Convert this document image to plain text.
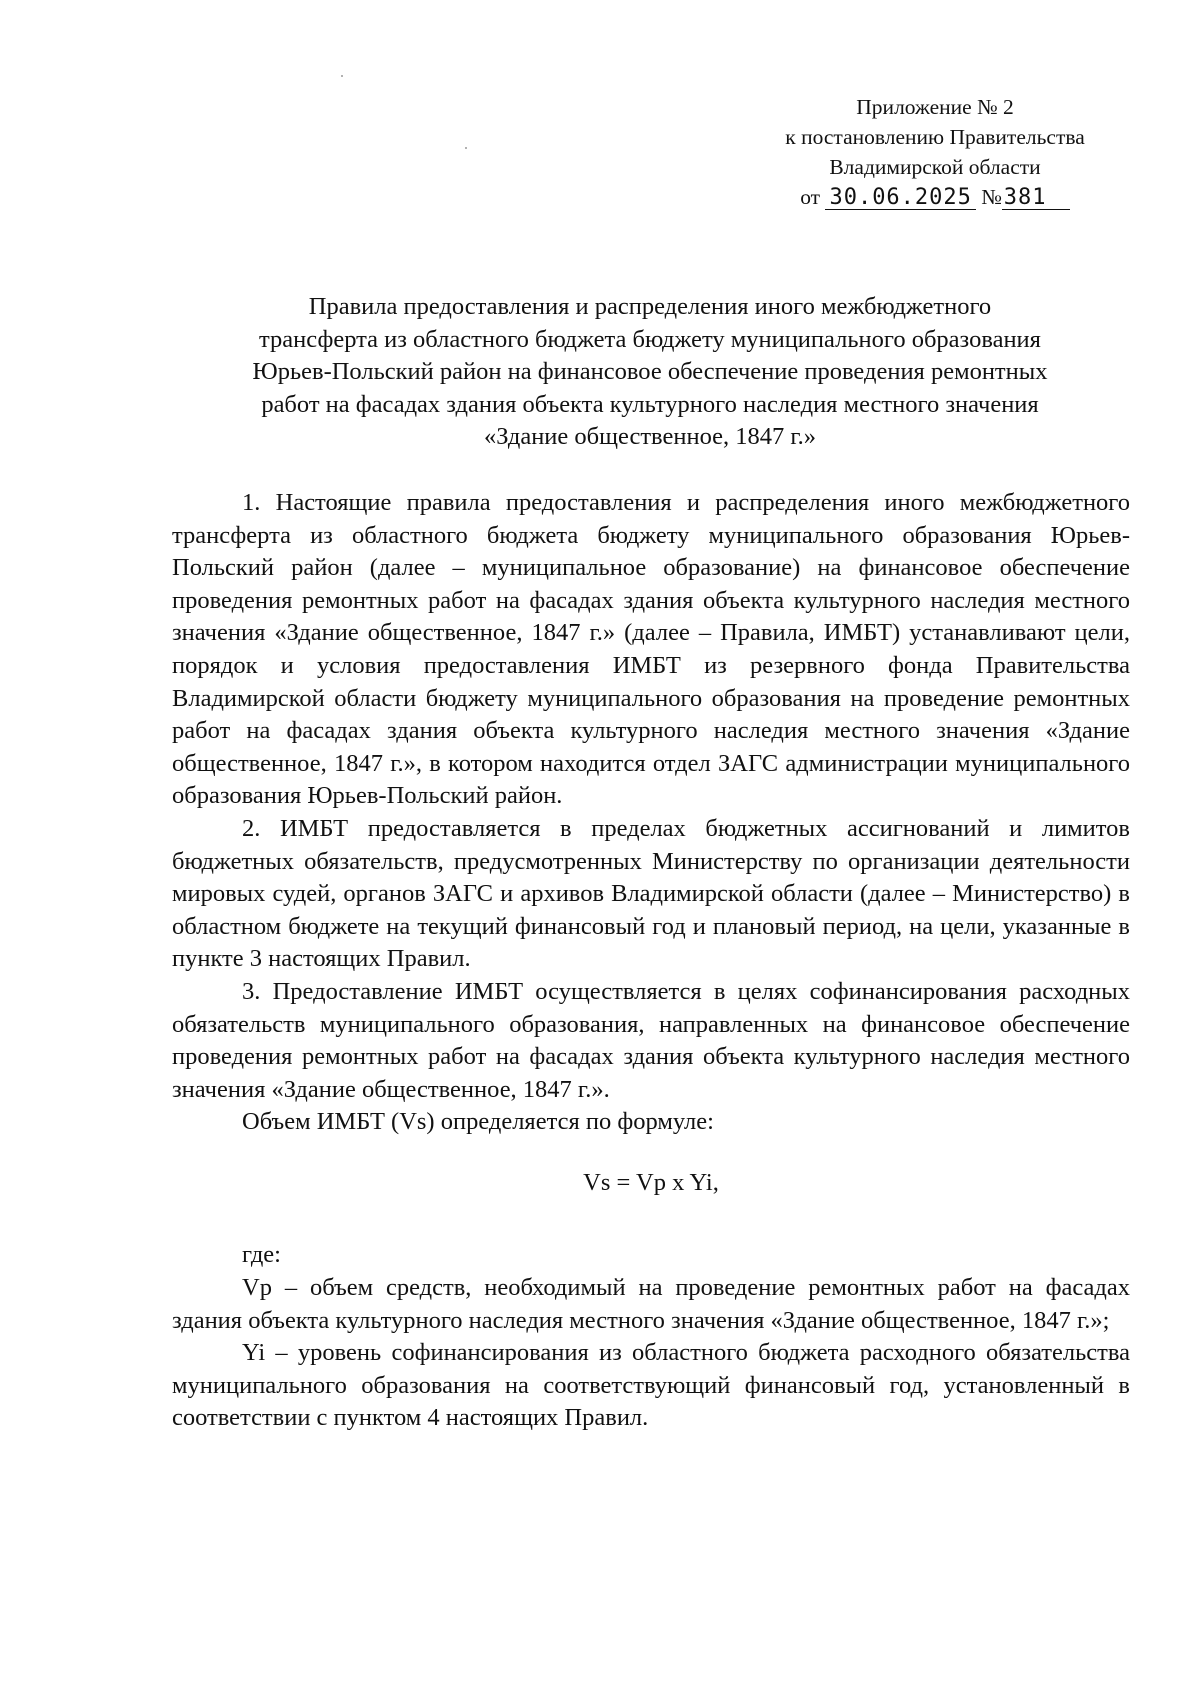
Приложение № 2
к постановлению Правительства
Владимирской области
от 30.06.2025 №381
Правила предоставления и распределения иного межбюджетного
трансферта из областного бюджета бюджету муниципального образования
Юрьев-Польский район на финансовое обеспечение проведения ремонтных
работ на фасадах здания объекта культурного наследия местного значения
«Здание общественное, 1847 г.»

1. Настоящие правила предоставления и распределения иного межбюджетного трансферта из областного бюджета бюджету муниципального образования Юрьев-Польский район (далее – муниципальное образование) на финансовое обеспечение проведения ремонтных работ на фасадах здания объекта культурного наследия местного значения «Здание общественное, 1847 г.» (далее – Правила, ИМБТ) устанавливают цели, порядок и условия предоставления ИМБТ из резервного фонда Правительства Владимирской области бюджету муниципального образования на проведение ремонтных работ на фасадах здания объекта культурного наследия местного значения «Здание общественное, 1847 г.», в котором находится отдел ЗАГС администрации муниципального образования Юрьев-Польский район.

2. ИМБТ предоставляется в пределах бюджетных ассигнований и лимитов бюджетных обязательств, предусмотренных Министерству по организации деятельности мировых судей, органов ЗАГС и архивов Владимирской области (далее – Министерство) в областном бюджете на текущий финансовый год и плановый период, на цели, указанные в пункте 3 настоящих Правил.

3. Предоставление ИМБТ осуществляется в целях софинансирования расходных обязательств муниципального образования, направленных на финансовое обеспечение проведения ремонтных работ на фасадах здания объекта культурного наследия местного значения «Здание общественное, 1847 г.».

Объем ИМБТ (Vs) определяется по формуле:

Vs = Vp x Yi,

где:

Vp – объем средств, необходимый на проведение ремонтных работ на фасадах здания объекта культурного наследия местного значения «Здание общественное, 1847 г.»;

Yi – уровень софинансирования из областного бюджета расходного обязательства муниципального образования на соответствующий финансовый год, установленный в соответствии с пунктом 4 настоящих Правил.
